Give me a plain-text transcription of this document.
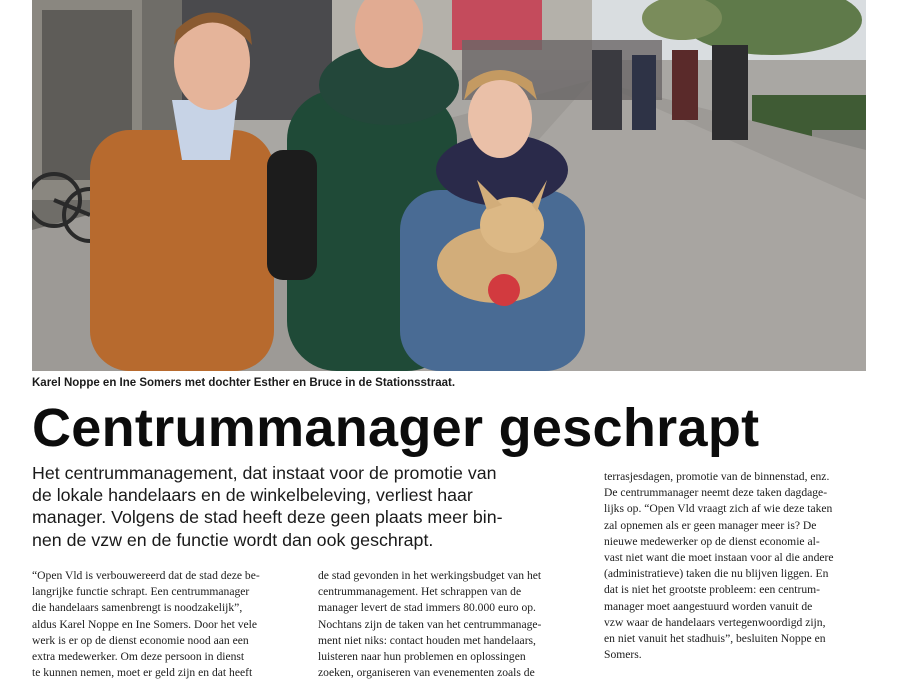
Karel Noppe en Ine Somers met dochter Esther en Bruce in de Stationsstraat.
Centrummanager geschrapt
Het centrummanagement, dat instaat voor de promotie van
de lokale handelaars en de winkelbeleving, verliest haar
manager. Volgens de stad heeft deze geen plaats meer bin-
nen de vzw en de functie wordt dan ook geschrapt.
“Open Vld is verbouwereerd dat de stad deze be-
langrijke functie schrapt. Een centrummanager
die handelaars samenbrengt is noodzakelijk”,
aldus Karel Noppe en Ine Somers. Door het vele
werk is er op de dienst economie nood aan een
extra medewerker. Om deze persoon in dienst
te kunnen nemen, moet er geld zijn en dat heeft
de stad gevonden in het werkingsbudget van het
centrummanagement. Het schrappen van de
manager levert de stad immers 80.000 euro op.
Nochtans zijn de taken van het centrummanage-
ment niet niks: contact houden met handelaars,
luisteren naar hun problemen en oplossingen
zoeken, organiseren van evenementen zoals de
terrasjesdagen, promotie van de binnenstad, enz.
De centrummanager neemt deze taken dagdage-
lijks op. “Open Vld vraagt zich af wie deze taken
zal opnemen als er geen manager meer is? De
nieuwe medewerker op de dienst economie al-
vast niet want die moet instaan voor al die andere
(administratieve) taken die nu blijven liggen. En
dat is niet het grootste probleem: een centrum-
manager moet aangestuurd worden vanuit de
vzw waar de handelaars vertegenwoordigd zijn,
en niet vanuit het stadhuis”, besluiten Noppe en
Somers.
